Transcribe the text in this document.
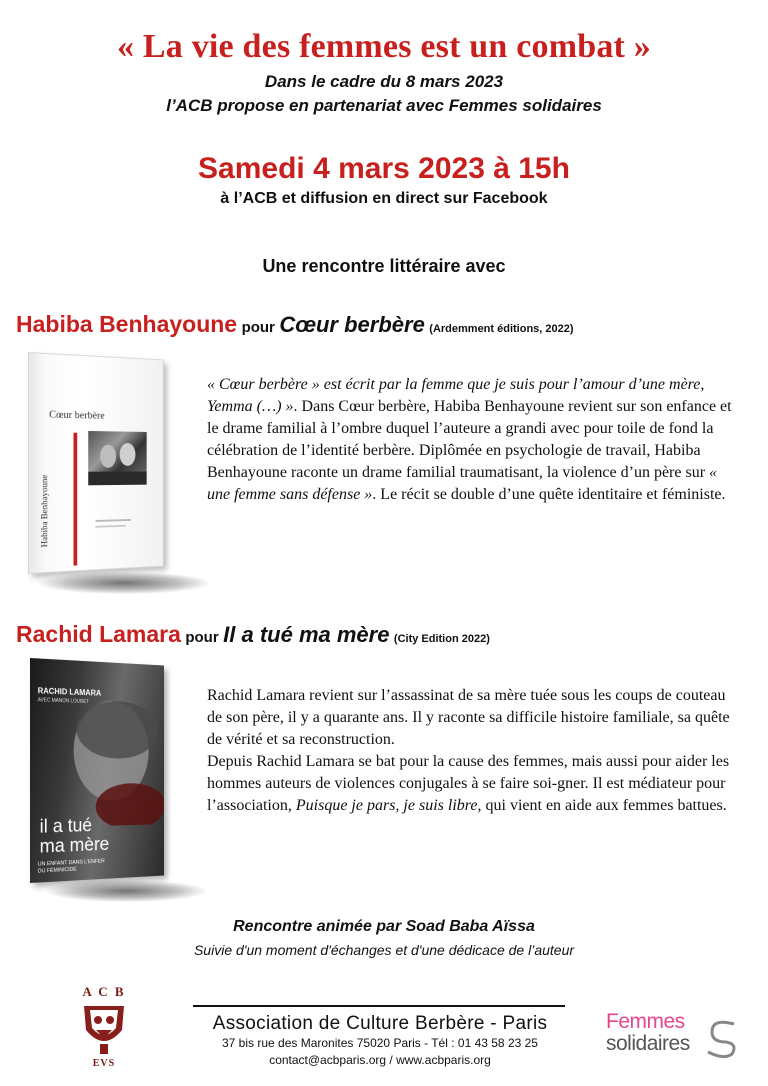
« La vie des femmes est un combat »
Dans le cadre du 8 mars 2023
l’ACB propose en partenariat avec Femmes solidaires
Samedi 4 mars 2023 à 15h
à l’ACB et diffusion en direct sur Facebook
Une rencontre littéraire avec
Habiba Benhayoune pour Cœur berbère (Ardemment éditions, 2022)
Cœur berbère
Habiba Benhayoune

« Cœur berbère » est écrit par la femme que je suis pour l’amour d’une mère, Yemma (…) ». Dans Cœur berbère, Habiba Benhayoune revient sur son enfance et le drame familial à l’ombre duquel l’auteure a grandi avec pour toile de fond la célébration de l’identité berbère. Diplômée en psychologie de travail, Habiba Benhayoune raconte un drame familial traumatisant, la violence d’un père sur « une femme sans défense ». Le récit se double d’une quête identitaire et féministe.

Rachid Lamara pour Il a tué ma mère (City Edition 2022)
RACHID LAMARA
AVEC MANON LOUBET
il a tué
ma mère
UN ENFANT DANS L’ENFER
DU FÉMINICIDE

Rachid Lamara revient sur l’assassinat de sa mère tuée sous les coups de couteau de son père, il y a quarante ans. Il y raconte sa difficile histoire familiale, sa quête de vérité et sa reconstruction.

Depuis Rachid Lamara se bat pour la cause des femmes, mais aussi pour aider les hommes auteurs de violences conjugales à se faire soi-gner. Il est médiateur pour l’association, Puisque je pars, je suis libre, qui vient en aide aux femmes battues.

Rencontre animée par Soad Baba Aïssa
Suivie d'un moment d'échanges et d'une dédicace de l’auteur
A C B
EVS
Association de Culture Berbère - Paris
37 bis rue des Maronites 75020 Paris - Tél : 01 43 58 23 25
contact@acbparis.org / www.acbparis.org
Femmes
solidaires
